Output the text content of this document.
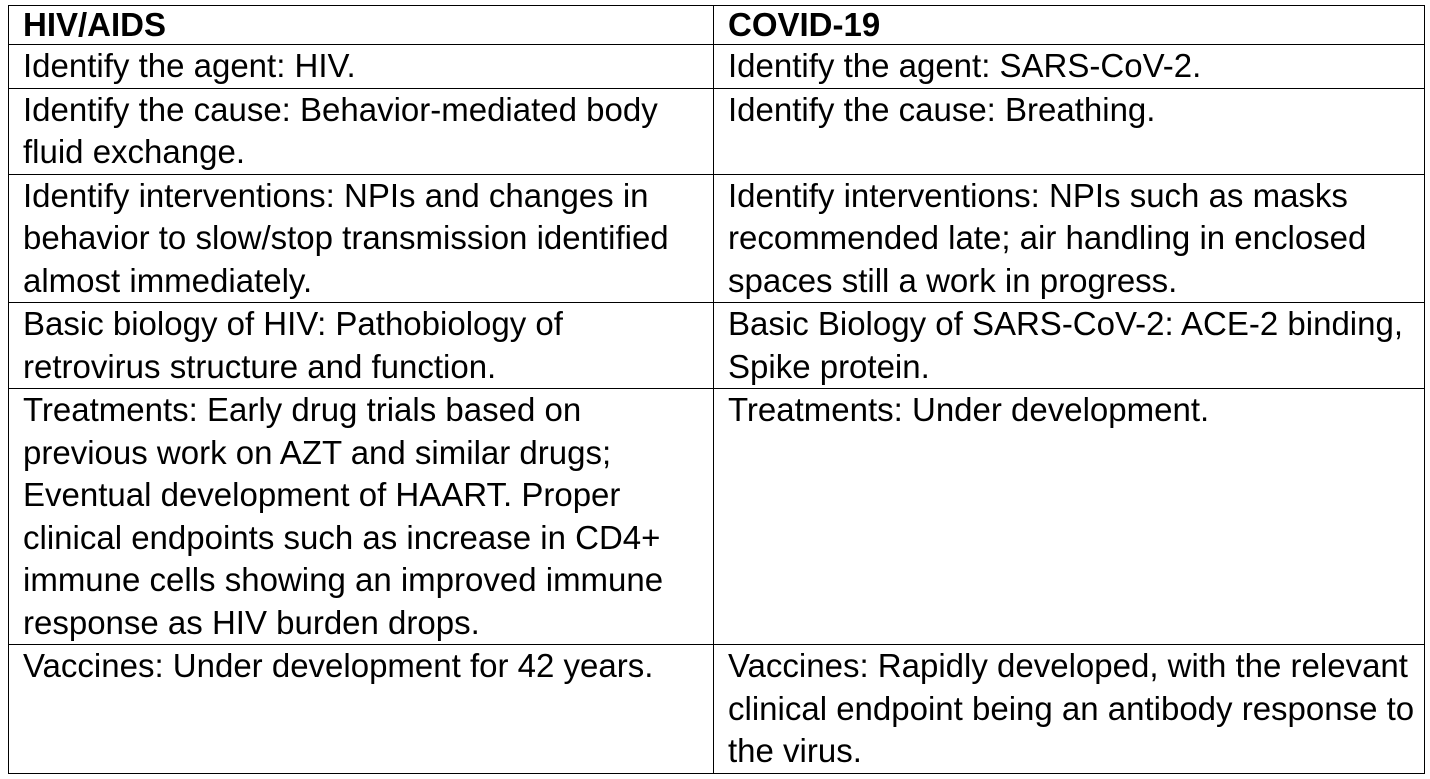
HIV/AIDS	COVID-19
Identify the agent: HIV.	Identify the agent: SARS-CoV-2.
Identify the cause: Behavior-mediated body fluid exchange.	Identify the cause: Breathing.
Identify interventions: NPIs and changes in behavior to slow/stop transmission identified almost immediately.	Identify interventions: NPIs such as masks recommended late; air handling in enclosed spaces still a work in progress.
Basic biology of HIV: Pathobiology of retrovirus structure and function.	Basic Biology of SARS-CoV-2: ACE-2 binding, Spike protein.
Treatments: Early drug trials based on previous work on AZT and similar drugs; Eventual development of HAART. Proper clinical endpoints such as increase in CD4+ immune cells showing an improved immune response as HIV burden drops.	Treatments: Under development.
Vaccines: Under development for 42 years.	Vaccines: Rapidly developed, with the relevant clinical endpoint being an antibody response to the virus.
